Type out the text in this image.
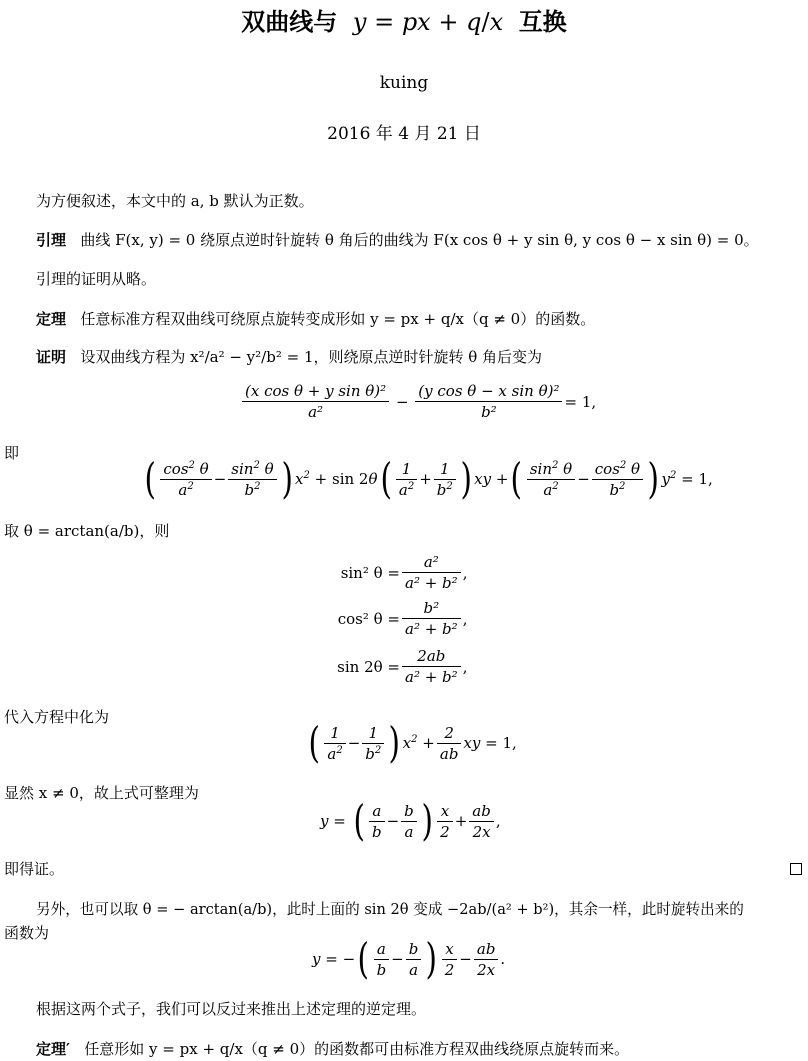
双曲线与  y = px + q/x  互换
kuing
2016 年 4 月 21 日
为方便叙述，本文中的 a, b 默认为正数。
引理 曲线 F(x, y) = 0 绕原点逆时针旋转 θ 角后的曲线为 F(x cos θ + y sin θ, y cos θ − x sin θ) = 0。
引理的证明从略。
定理 任意标准方程双曲线可绕原点旋转变成形如 y = px + q/x（q ≠ 0）的函数。
证明 设双曲线方程为 x²/a² − y²/b² = 1，则绕原点逆时针旋转 θ 角后变为
$\frac{\text{(x cos θ + y sin θ)²}}{\text{a²}} - \frac{\text{(y cos θ − x sin θ)²}}{\text{b²}} = 1$,
即
( $\frac{\cos^2 \theta}{a^2} - \frac{\sin^2 \theta}{b^2}$ ) $x^2 + \sin 2$ θ ( $\frac{1}{a^2} + \frac{1}{b^2}$ ) xy + ( $\frac{\sin^2 \theta}{a^2} - \frac{\cos^2 \theta}{b^2}$ ) $y^2 = 1$,
取 θ = arctan(a/b)，则
sin² $\theta = \frac{\text{a²}}{\text{a² + b²}}$ ,
cos² $\theta = \frac{\text{b²}}{\text{a² + b²}}$ ,
$\sin 2\theta = \frac{2ab}{\text{a² + b²}}$ ,
代入方程中化为
( $\frac{1}{a^2} - \frac{1}{b^2}$ ) $x^2 + \frac{2}{ab}$ xy = 1,
显然 x ≠ 0，故上式可整理为
y = ( $\frac{a}{b} - \frac{b}{a}$ ) $\frac{x}{2} + \frac{ab}{2x}$ ,
即得证。
另外，也可以取 θ = − arctan(a/b)，此时上面的 sin 2θ 变成 −2ab/(a² + b²)，其余一样，此时旋转出来的
函数为
y = − ( $\frac{a}{b} - \frac{b}{a}$ ) $\frac{x}{2} - \frac{ab}{2x}$ .
根据这两个式子，我们可以反过来推出上述定理的逆定理。
定理′ 任意形如 y = px + q/x（q ≠ 0）的函数都可由标准方程双曲线绕原点旋转而来。
